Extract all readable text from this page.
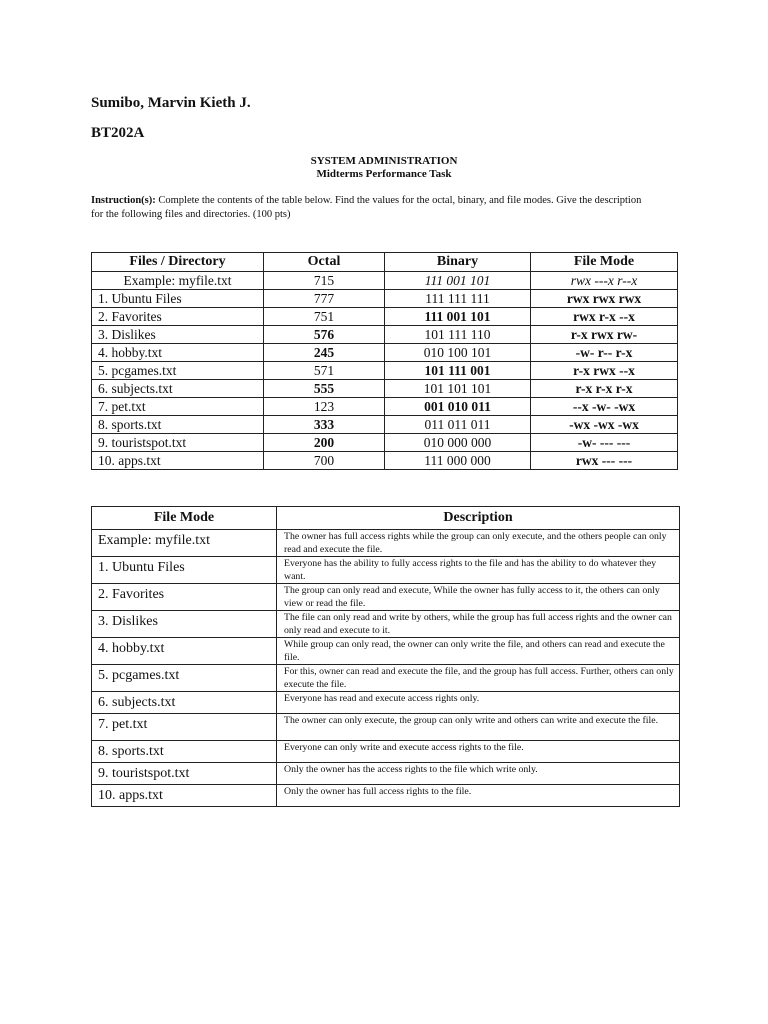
Sumibo, Marvin Kieth J.
BT202A
SYSTEM ADMINISTRATION
Midterms Performance Task
Instruction(s): Complete the contents of the table below. Find the values for the octal, binary, and file modes. Give the description for the following files and directories. (100 pts)
Files / Directory	Octal	Binary	File Mode
Example: myfile.txt	715	111 001 101	rwx ---x r--x
1. Ubuntu Files	777	111 111 111	rwx rwx rwx
2. Favorites	751	111 001 101	rwx r-x --x
3. Dislikes	576	101 111 110	r-x rwx rw-
4. hobby.txt	245	010 100 101	-w- r-- r-x
5. pcgames.txt	571	101 111 001	r-x rwx --x
6. subjects.txt	555	101 101 101	r-x r-x r-x
7. pet.txt	123	001 010 011	--x -w- -wx
8. sports.txt	333	011 011 011	-wx -wx -wx
9. touristspot.txt	200	010 000 000	-w- --- ---
10. apps.txt	700	111 000 000	rwx --- ---
File Mode	Description
Example: myfile.txt	The owner has full access rights while the group can only execute, and the others people can only read and execute the file.
1. Ubuntu Files	Everyone has the ability to fully access rights to the file and has the ability to do whatever they want.
2. Favorites	The group can only read and execute, While the owner has fully access to it, the others can only view or read the file.
3. Dislikes	The file can only read and write by others, while the group has full access rights and the owner can only read and execute to it.
4. hobby.txt	While group can only read, the owner can only write the file, and others can read and execute the file.
5. pcgames.txt	For this, owner can read and execute the file, and the group has full access. Further, others can only execute the file.
6. subjects.txt	Everyone has read and execute access rights only.
7. pet.txt	The owner can only execute, the group can only write and others can write and execute the file.
8. sports.txt	Everyone can only write and execute access rights to the file.
9. touristspot.txt	Only the owner has the access rights to the file which write only.
10. apps.txt	Only the owner has full access rights to the file.
